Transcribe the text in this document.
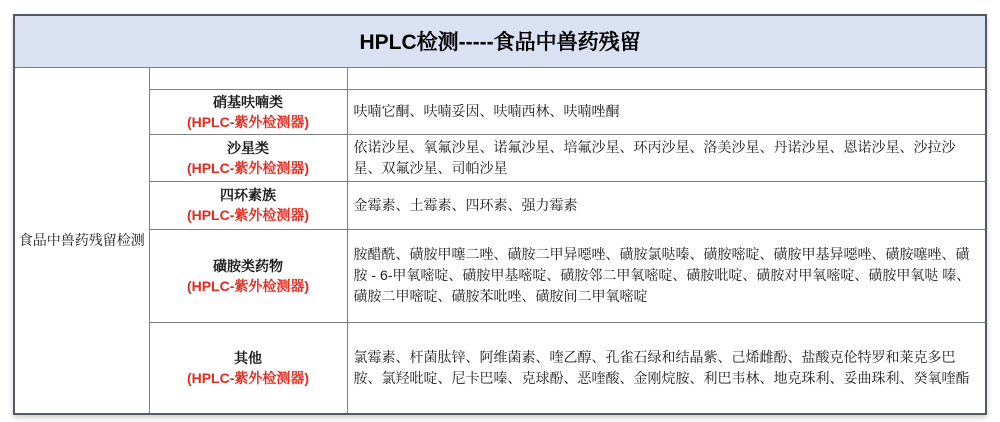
HPLC检测-----食品中兽药残留		
食品中兽药残留检测		

	硝基呋喃类
(HPLC-紫外检测器)	呋喃它酮、呋喃妥因、呋喃西林、呋喃唑酮

	沙星类
(HPLC-紫外检测器)	依诺沙星、氧氟沙星、诺氟沙星、培氟沙星、环丙沙星、洛美沙星、丹诺沙星、恩诺沙星、沙拉沙星、双氟沙星、司帕沙星

	四环素族
(HPLC-紫外检测器)	金霉素、土霉素、四环素、强力霉素

	磺胺类药物
(HPLC-紫外检测器)	胺醋酰、磺胺甲噻二唑、磺胺二甲异噁唑、磺胺氯哒嗪、磺胺嘧啶、磺胺甲基异噁唑、磺胺噻唑、磺胺 - 6-甲氧嘧啶、磺胺甲基嘧啶、磺胺邻二甲氧嘧啶、磺胺吡啶、磺胺对甲氧嘧啶、磺胺甲氧哒 嗪、磺胺二甲嘧啶、磺胺苯吡唑、磺胺间二甲氧嘧啶

	其他
(HPLC-紫外检测器)	氯霉素、杆菌肽锌、阿维菌素、喹乙醇、孔雀石绿和结晶紫、己烯雌酚、盐酸克伦特罗和莱克多巴胺、氯羟吡啶、尼卡巴嗪、克球酚、恶喹酸、金刚烷胺、利巴韦林、地克珠利、妥曲珠利、癸氧喹酯
